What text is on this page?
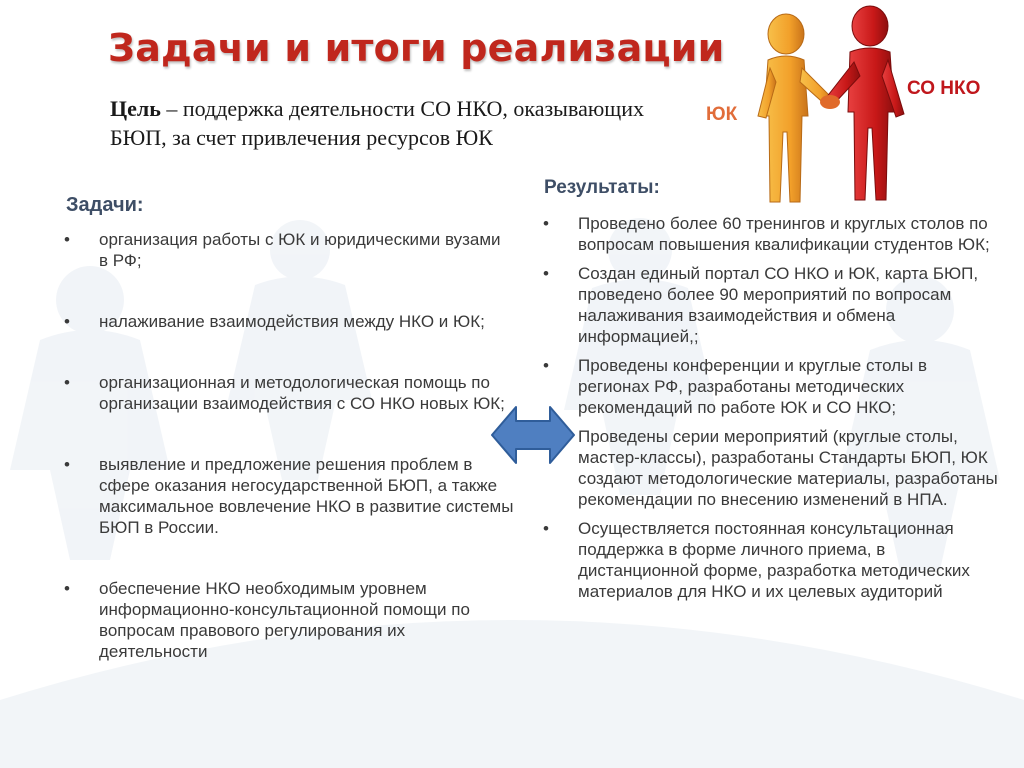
Задачи и итоги реализации

Цель – поддержка деятельности СО НКО, оказывающих БЮП, за счет привлечения ресурсов ЮК

Задачи:
• организация работы с ЮК и юридическими вузами в РФ;
• налаживание взаимодействия между НКО и ЮК;
• организационная и методологическая помощь по организации взаимодействия с СО НКО новых ЮК;
• выявление и предложение решения проблем в сфере оказания негосударственной БЮП, а также максимальное вовлечение НКО в развитие системы БЮП в России.
• обеспечение НКО необходимым уровнем информационно-консультационной помощи по вопросам правового регулирования их деятельности
Результаты:
• Проведено более 60 тренингов и круглых столов по вопросам повышения квалификации студентов ЮК;
• Создан единый портал СО НКО и ЮК, карта БЮП, проведено более 90 мероприятий по вопросам налаживания взаимодействия и обмена информацией,;
• Проведены конференции и круглые столы в регионах РФ, разработаны методических рекомендаций по работе ЮК и СО НКО;
Проведены серии мероприятий (круглые столы, мастер-классы), разработаны Стандарты БЮП, ЮК создают методологические материалы, разработаны рекомендации по внесению изменений в НПА.
• Осуществляется постоянная консультационная поддержка в форме личного приема, в дистанционной форме, разработка методических материалов для НКО и их целевых аудиторий
ЮК
СО НКО
